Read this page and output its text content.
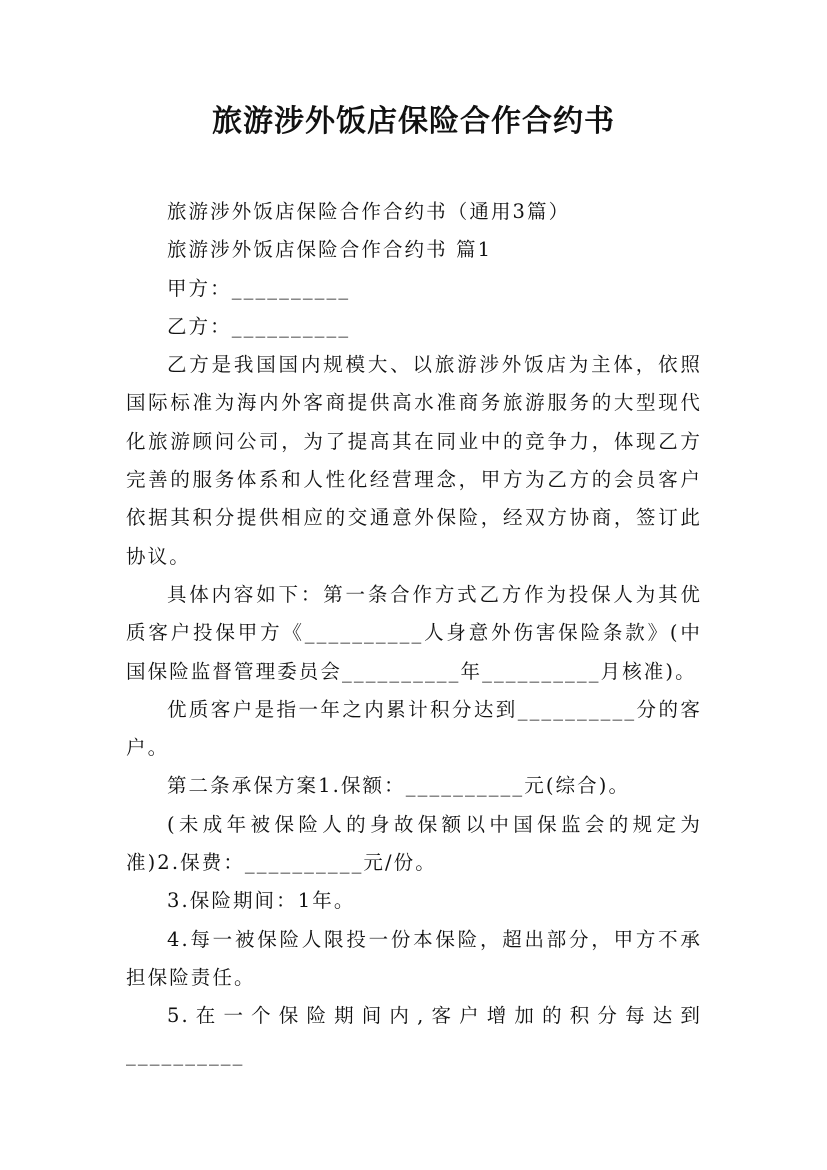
旅游涉外饭店保险合作合约书

旅游涉外饭店保险合作合约书（通用3篇）

旅游涉外饭店保险合作合约书 篇1

甲方：__________

乙方：__________

乙方是我国国内规模大、以旅游涉外饭店为主体，依照国际标准为海内外客商提供高水准商务旅游服务的大型现代化旅游顾问公司，为了提高其在同业中的竞争力，体现乙方完善的服务体系和人性化经营理念，甲方为乙方的会员客户依据其积分提供相应的交通意外保险，经双方协商，签订此协议。

具体内容如下：第一条合作方式乙方作为投保人为其优质客户投保甲方《__________人身意外伤害保险条款》(中国保险监督管理委员会__________年__________月核准)。

优质客户是指一年之内累计积分达到__________分的客户。

第二条承保方案1.保额：__________元(综合)。

(未成年被保险人的身故保额以中国保监会的规定为准)2.保费：__________元/份。

3.保险期间：1年。

4.每一被保险人限投一份本保险，超出部分，甲方不承担保险责任。

5.在一个保险期间内,客户增加的积分每达到__________
